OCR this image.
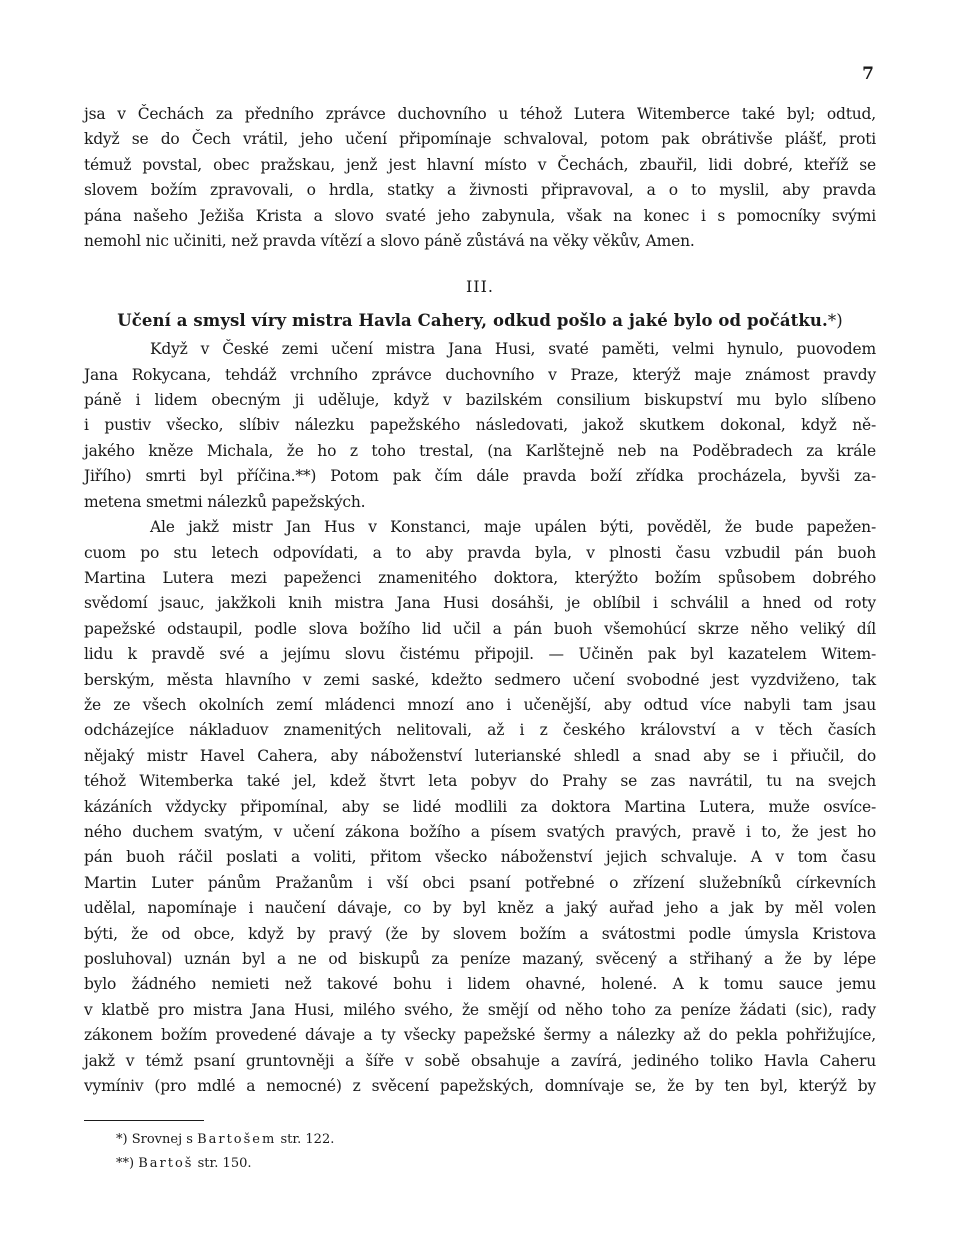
7
jsa v Čechách za předního zprávce duchovního u téhož Lutera Witemberce také byl; odtud,
když se do Čech vrátil, jeho učení připomínaje schvaloval, potom pak obrátivše plášť, proti
témuž povstal, obec pražskau, jenž jest hlavní místo v Čechách, zbauřil, lidi dobré, kteříž se
slovem božím zpravovali, o hrdla, statky a živnosti připravoval, a o to myslil, aby pravda
pána našeho Ježiša Krista a slovo svaté jeho zabynula, však na konec i s pomocníky svými
nemohl nic učiniti, než pravda vítězí a slovo páně zůstává na věky věkův, Amen.
III.
Učení a smysl víry mistra Havla Cahery, odkud pošlo a jaké bylo od počátku.*)
Když v České zemi učení mistra Jana Husi, svaté paměti, velmi hynulo, puovodem
Jana Rokycana, tehdáž vrchního zprávce duchovního v Praze, kterýž maje známost pravdy
páně i lidem obecným ji uděluje, když v bazilském consilium biskupství mu bylo slíbeno
i pustiv všecko, slíbiv nálezku papežského následovati, jakož skutkem dokonal, když ně-
jakého kněze Michala, že ho z toho trestal, (na Karlštejně neb na Poděbradech za krále
Jiřího) smrti byl příčina.**) Potom pak čím dále pravda boží zřídka procházela, byvši za-
metena smetmi nálezků papežských.
Ale jakž mistr Jan Hus v Konstanci, maje upálen býti, pověděl, že bude papežen-
cuom po stu letech odpovídati, a to aby pravda byla, v plnosti času vzbudil pán buoh
Martina Lutera mezi papeženci znamenitého doktora, kterýžto božím spůsobem dobrého
svědomí jsauc, jakžkoli knih mistra Jana Husi dosáhši, je oblíbil i schválil a hned od roty
papežské odstaupil, podle slova božího lid učil a pán buoh všemohúcí skrze něho veliký díl
lidu k pravdě své a jejímu slovu čistému připojil. — Učiněn pak byl kazatelem Witem-
berským, města hlavního v zemi saské, kdežto sedmero učení svobodné jest vyzdviženo, tak
že ze všech okolních zemí mládenci mnozí ano i učenější, aby odtud více nabyli tam jsau
odcházejíce nákladuov znamenitých nelitovali, až i z českého království a v těch časích
nějaký mistr Havel Cahera, aby náboženství luterianské shledl a snad aby se i přiučil, do
téhož Witemberka také jel, kdež štvrt leta pobyv do Prahy se zas navrátil, tu na svejch
kázáních vždycky připomínal, aby se lidé modlili za doktora Martina Lutera, muže osvíce-
ného duchem svatým, v učení zákona božího a písem svatých pravých, pravě i to, že jest ho
pán buoh ráčil poslati a voliti, přitom všecko náboženství jejich schvaluje. A v tom času
Martin Luter pánům Pražanům i vší obci psaní potřebné o zřízení služebníků církevních
udělal, napomínaje i naučení dávaje, co by byl kněz a jaký auřad jeho a jak by měl volen
býti, že od obce, když by pravý (že by slovem božím a svátostmi podle úmysla Kristova
posluhoval) uznán byl a ne od biskupů za peníze mazaný, svěcený a střihaný a že by lépe
bylo žádného nemieti než takové bohu i lidem ohavné, holené. A k tomu sauce jemu
v klatbě pro mistra Jana Husi, milého svého, že smějí od něho toho za peníze žádati (sic), rady
zákonem božím provedené dávaje a ty všecky papežské šermy a nálezky až do pekla pohřižujíce,
jakž v témž psaní gruntovněji a šíře v sobě obsahuje a zavírá, jediného toliko Havla Caheru
vymíniv (pro mdlé a nemocné) z svěcení papežských, domnívaje se, že by ten byl, kterýž by
*) Srovnej s Bartošem str. 122.
**) Bartoš str. 150.
